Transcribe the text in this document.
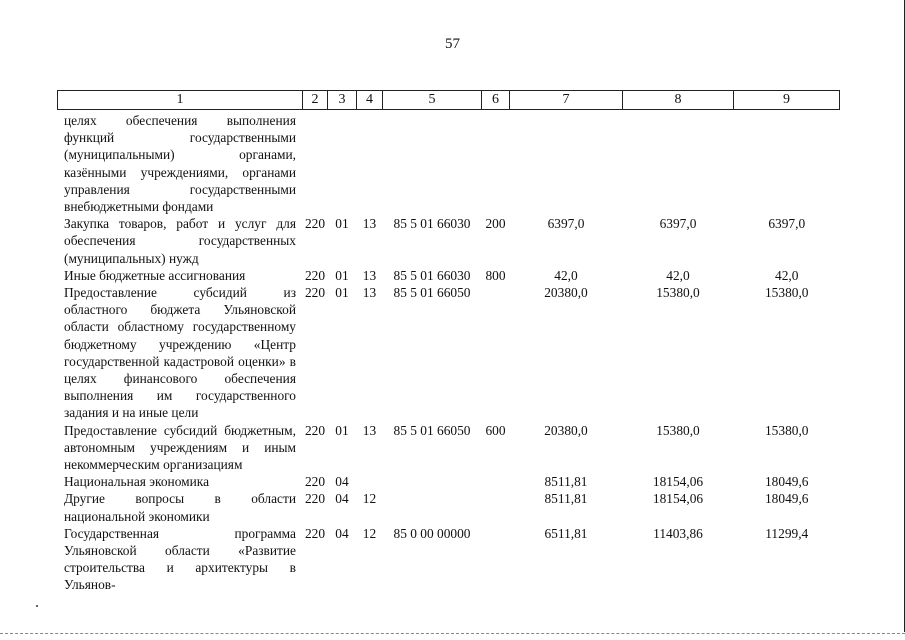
57
1	2	3	4	5	6	7	8	9
целях обеспечения выполнения функций государственными (муниципальными) органами, казёнными учреждениями, органами управления государственными внебюджетными фондами								
Закупка товаров, работ и услуг для обеспечения государственных (муниципальных) нужд	220	01	13	85 5 01 66030	200	6397,0	6397,0	6397,0
Иные бюджетные ассигнования	220	01	13	85 5 01 66030	800	42,0	42,0	42,0
Предоставление субсидий из областного бюджета Ульяновской области областному государственному бюджетному учреждению «Центр государственной кадастровой оценки» в целях финансового обеспечения выполнения им государственного задания и на иные цели	220	01	13	85 5 01 66050		20380,0	15380,0	15380,0
Предоставление субсидий бюджетным, автономным учреждениям и иным некоммерческим организациям	220	01	13	85 5 01 66050	600	20380,0	15380,0	15380,0
Национальная экономика	220	04				8511,81	18154,06	18049,6
Другие вопросы в области национальной экономики	220	04	12			8511,81	18154,06	18049,6
Государственная программа Ульяновской области «Развитие строительства и архитектуры в Ульянов-	220	04	12	85 0 00 00000		6511,81	11403,86	11299,4
